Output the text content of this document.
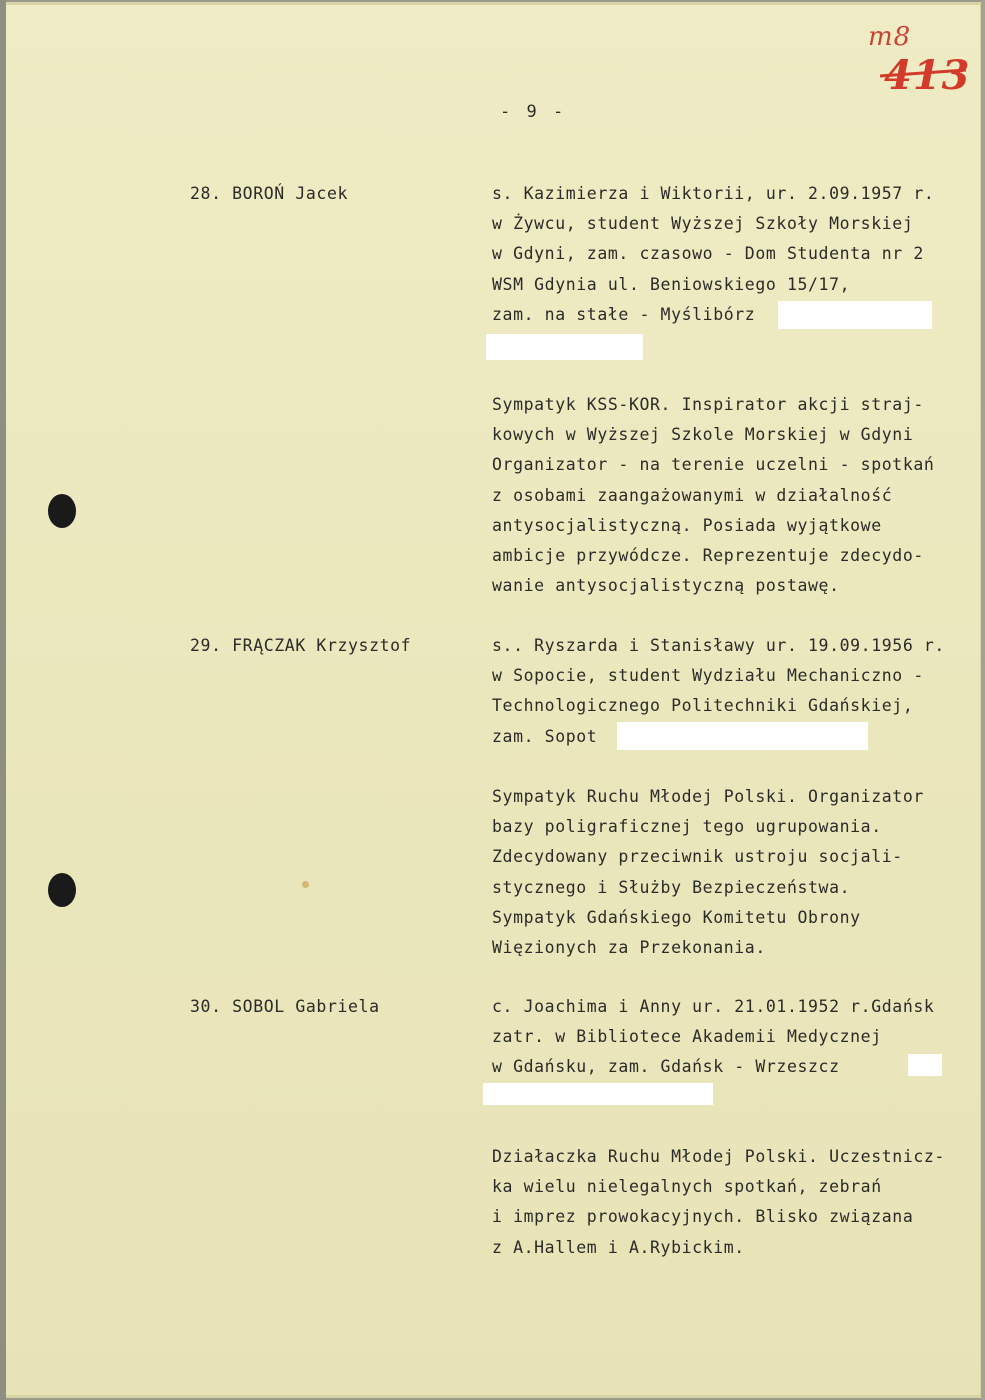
m8
413
- 9 -
28. BOROŃ Jacek	s. Kazimierza i Wiktorii, ur. 2.09.1957 r.
w Żywcu, student Wyższej Szkoły Morskiej
w Gdyni, zam. czasowo - Dom Studenta nr 2
WSM Gdynia ul. Beniowskiego 15/17,
zam. na stałe - Myślibórz
Sympatyk KSS-KOR. Inspirator akcji straj-
kowych w Wyższej Szkole Morskiej w Gdyni
Organizator - na terenie uczelni - spotkań
z osobami zaangażowanymi w działalność
antysocjalistyczną. Posiada wyjątkowe
ambicje przywódcze. Reprezentuje zdecydo-
wanie antysocjalistyczną postawę.
29. FRĄCZAK Krzysztof	s.. Ryszarda i Stanisławy ur. 19.09.1956 r.
w Sopocie, student Wydziału Mechaniczno -
Technologicznego Politechniki Gdańskiej,
zam. Sopot
Sympatyk Ruchu Młodej Polski. Organizator
bazy poligraficznej tego ugrupowania.
Zdecydowany przeciwnik ustroju socjali-
stycznego i Służby Bezpieczeństwa.
Sympatyk Gdańskiego Komitetu Obrony
Więzionych za Przekonania.
30. SOBOL Gabriela	c. Joachima i Anny ur. 21.01.1952 r.Gdańsk
zatr. w Bibliotece Akademii Medycznej
w Gdańsku, zam. Gdańsk - Wrzeszcz
Działaczka Ruchu Młodej Polski. Uczestnicz-
ka wielu nielegalnych spotkań, zebrań
i imprez prowokacyjnych. Blisko związana
z A.Hallem i A.Rybickim.
